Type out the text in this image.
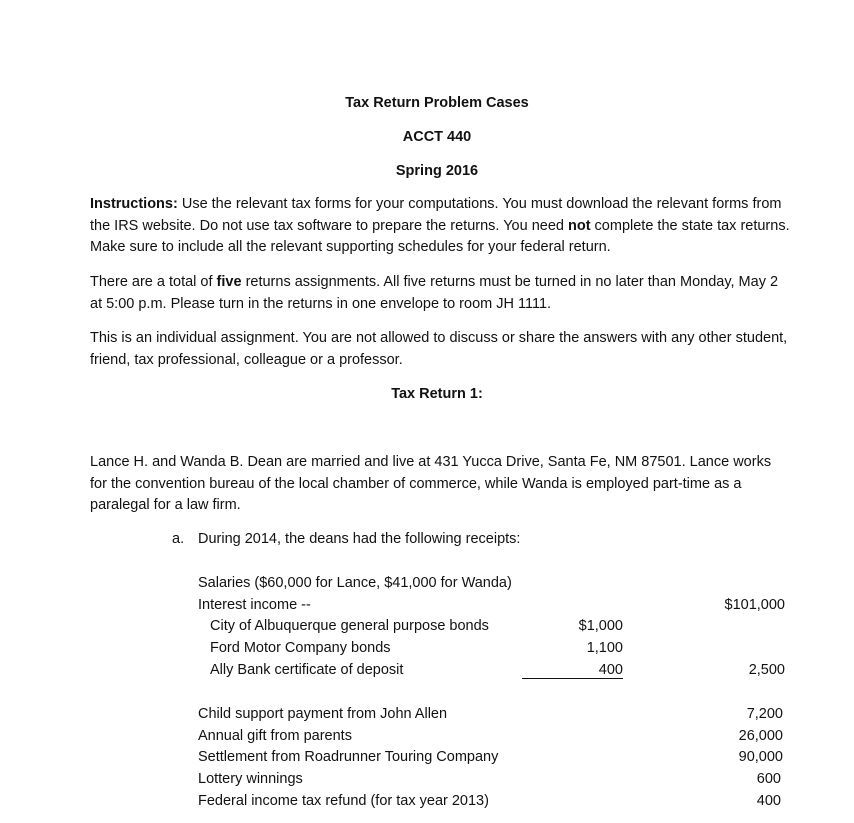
Tax Return Problem Cases
ACCT 440
Spring 2016

Instructions: Use the relevant tax forms for your computations. You must download the relevant forms from the IRS website. Do not use tax software to prepare the returns. You need not complete the state tax returns. Make sure to include all the relevant supporting schedules for your federal return.

There are a total of five returns assignments. All five returns must be turned in no later than Monday, May 2 at 5:00 p.m. Please turn in the returns in one envelope to room JH 1111.

This is an individual assignment. You are not allowed to discuss or share the answers with any other student, friend, tax professional, colleague or a professor.

Tax Return 1:

Lance H. and Wanda B. Dean are married and live at 431 Yucca Drive, Santa Fe, NM 87501. Lance works for the convention bureau of the local chamber of commerce, while Wanda is employed part-time as a paralegal for a law firm.

a. During 2014, the deans had the following receipts:
Salaries ($60,000 for Lance, $41,000 for Wanda)
Interest income --	$101,000
City of Albuquerque general purpose bonds	$1,000
Ford Motor Company bonds	1,100
Ally Bank certificate of deposit	400	2,500
Child support payment from John Allen	7,200
Annual gift from parents	26,000
Settlement from Roadrunner Touring Company	90,000
Lottery winnings	600
Federal income tax refund (for tax year 2013)	400
